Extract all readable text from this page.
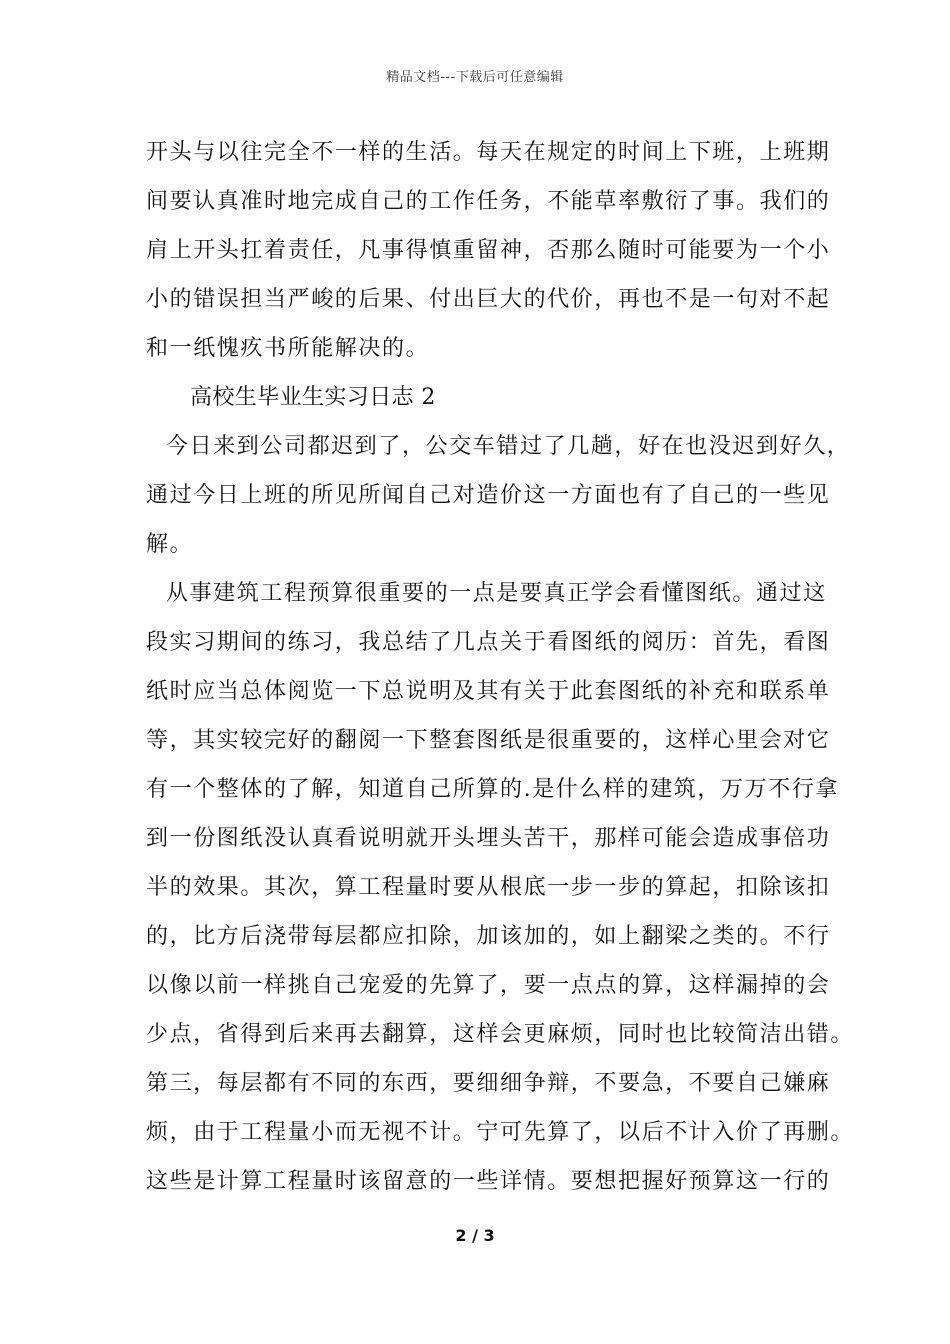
精品文档---下载后可任意编辑
开头与以往完全不一样的生活。每天在规定的时间上下班，上班期
间要认真准时地完成自己的工作任务，不能草率敷衍了事。我们的
肩上开头扛着责任，凡事得慎重留神，否那么随时可能要为一个小
小的错误担当严峻的后果、付出巨大的代价，再也不是一句对不起
和一纸愧疚书所能解决的。
高校生毕业生实习日志 2
今日来到公司都迟到了，公交车错过了几趟，好在也没迟到好久，
通过今日上班的所见所闻自己对造价这一方面也有了自己的一些见
解。
从事建筑工程预算很重要的一点是要真正学会看懂图纸。通过这
段实习期间的练习，我总结了几点关于看图纸的阅历：首先，看图
纸时应当总体阅览一下总说明及其有关于此套图纸的补充和联系单
等，其实较完好的翻阅一下整套图纸是很重要的，这样心里会对它
有一个整体的了解，知道自己所算的.是什么样的建筑，万万不行拿
到一份图纸没认真看说明就开头埋头苦干，那样可能会造成事倍功
半的效果。其次，算工程量时要从根底一步一步的算起，扣除该扣
的，比方后浇带每层都应扣除，加该加的，如上翻梁之类的。不行
以像以前一样挑自己宠爱的先算了，要一点点的算，这样漏掉的会
少点，省得到后来再去翻算，这样会更麻烦，同时也比较简洁出错。
第三，每层都有不同的东西，要细细争辩，不要急，不要自己嫌麻
烦，由于工程量小而无视不计。宁可先算了，以后不计入价了再删。
这些是计算工程量时该留意的一些详情。要想把握好预算这一行的
2 / 3
